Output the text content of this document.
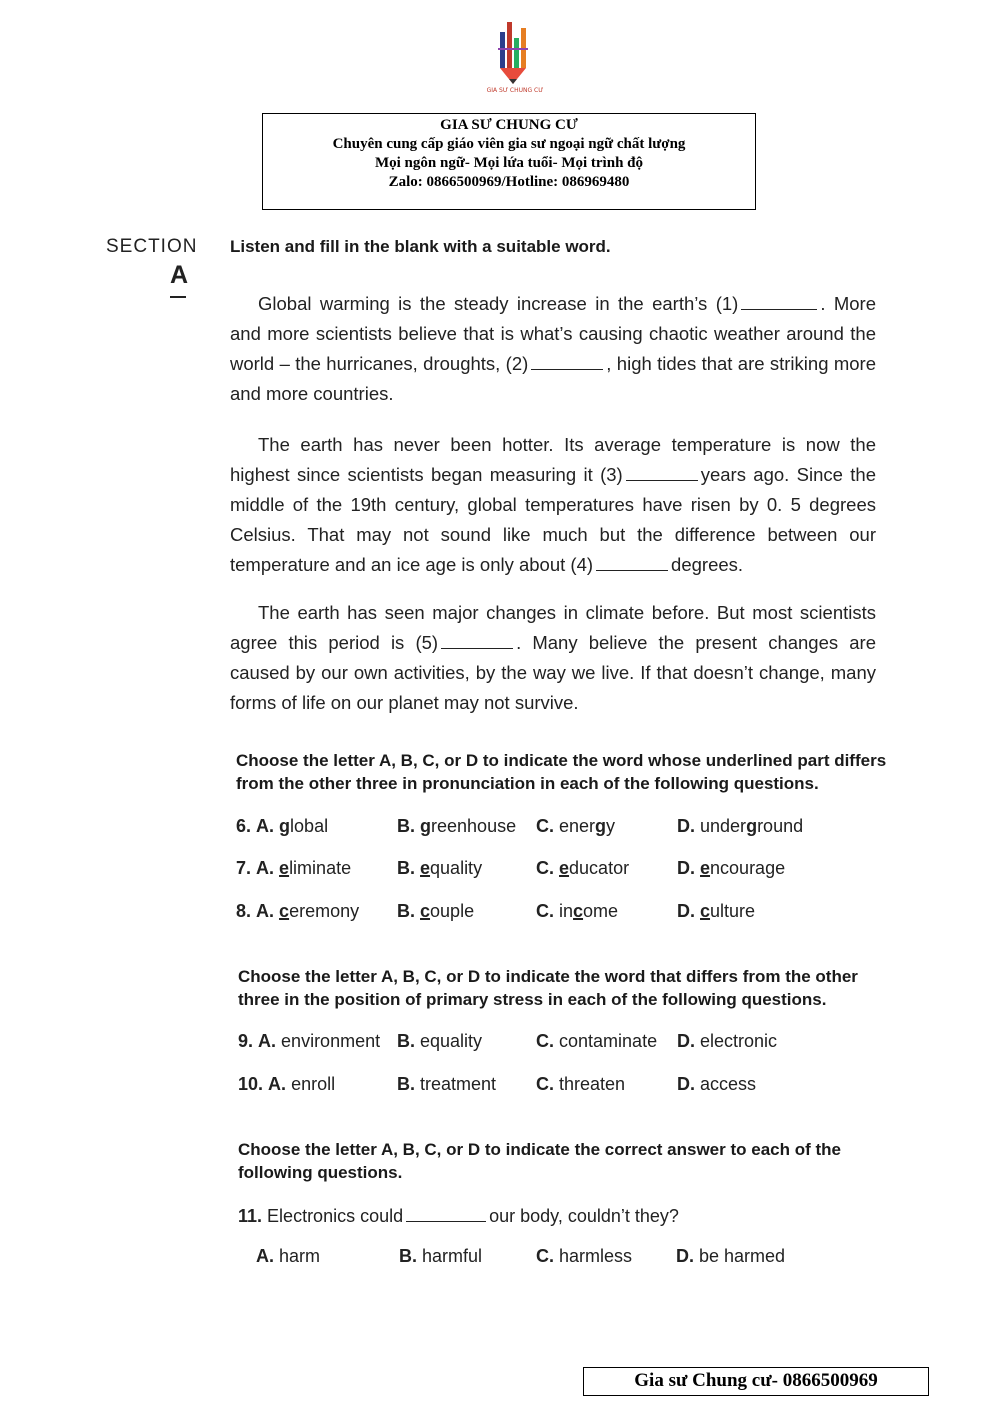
GIA SƯ CHUNG CƯ
GIA SƯ CHUNG CƯ
Chuyên cung cấp giáo viên gia sư ngoại ngữ chất lượng
Mọi ngôn ngữ- Mọi lứa tuổi- Mọi trình độ
Zalo: 0866500969/Hotline: 086969480
SECTION
A
Listen and fill in the blank with a suitable word.
Global warming is the steady increase in the earth’s (1)	. More and more scientists believe that is what’s causing chaotic weather around the world – the hurricanes, droughts, (2)	, high tides that are striking more and more countries.
The earth has never been hotter. Its average temperature is now the highest since scientists began measuring it (3)	years ago. Since the middle of the 19th century, global temperatures have risen by 0. 5 degrees Celsius. That may not sound like much but the difference between our temperature and an ice age is only about (4)	degrees.
The earth has seen major changes in climate before. But most scientists agree this period is (5)	. Many believe the present changes are caused by our own activities, by the way we live. If that doesn’t change, many forms of life on our planet may not survive.
Choose the letter A, B, C, or D to indicate the word whose underlined part differs
from the other three in pronunciation in each of the following questions.
6. A. global	B. greenhouse C. energy	D. underground
7. A. eliminate	B. equality	C. educator	D. encourage
8. A. ceremony B. couple	C. income	D. culture
Choose the letter A, B, C, or D to indicate the word that differs from the other
three in the position of primary stress in each of the following questions.
9. A. environment B. equality	C. contaminate D. electronic
10. A. enroll	B. treatment C. threaten	D. access
Choose the letter A, B, C, or D to indicate the correct answer to each of the
following questions.
11. Electronics could	our body, couldn’t they?
A. harm	B. harmful	C. harmless D. be harmed
Gia sư Chung cư- 0866500969
